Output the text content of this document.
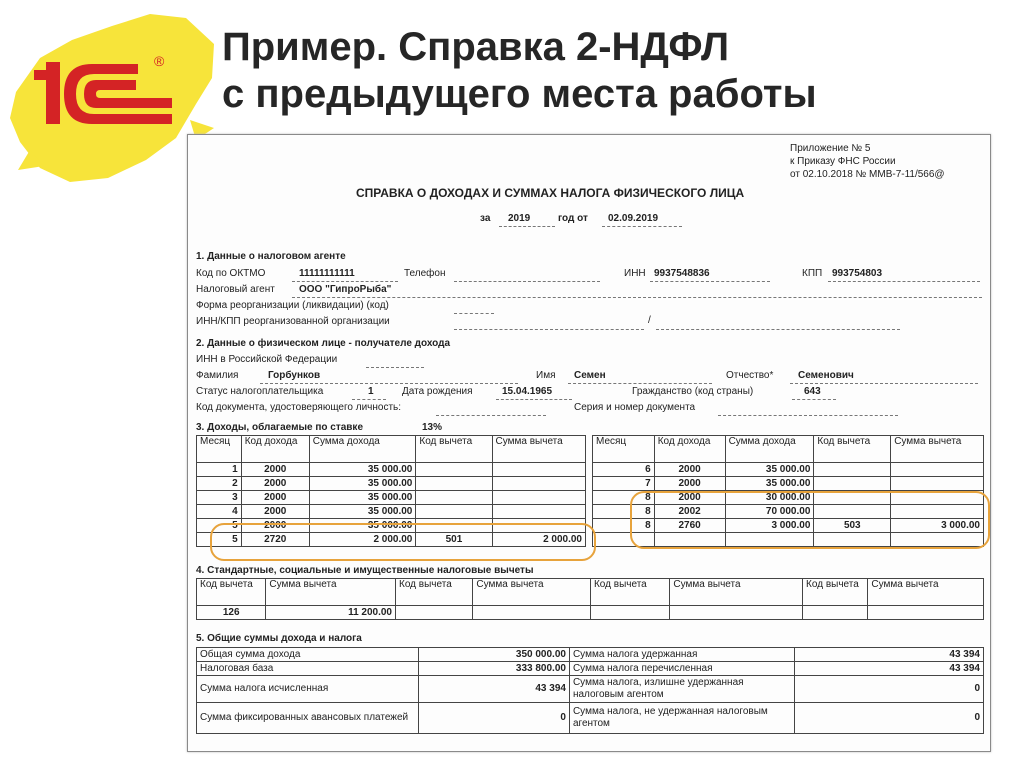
® Пример. Справка 2-НДФЛ
с предыдущего места работы
Приложение № 5
к Приказу ФНС России
от 02.10.2018 № ММВ-7-11/566@
СПРАВКА О ДОХОДАХ И СУММАХ НАЛОГА ФИЗИЧЕСКОГО ЛИЦА
за 2019	год от 02.09.2019
1. Данные о налоговом агенте
Код по ОКТМО	11111111111	Телефон	ИНН 9937548836	КПП 993754803
Налоговый агент ООО "ГипроРыба"
Форма реорганизации (ликвидации) (код)
ИНН/КПП реорганизованной организации	/
2. Данные о физическом лице - получателе дохода
ИНН в Российской Федерации
Фамилия	Горбунков	Имя Семен	Отчество* Семенович
Статус налогоплательщика	1	Дата рождения	15.04.1965	Гражданство (код страны)	643
Код документа, удостоверяющего личность:	Серия и номер документа
3. Доходы, облагаемые по ставке	13%
Месяц	Код дохода	Сумма дохода	Код вычета	Сумма вычета
1	2000	35 000.00		
2	2000	35 000.00		
3	2000	35 000.00		
4	2000	35 000.00		
5	2000	35 000.00		
5	2720	2 000.00	501	2 000.00
Месяц	Код дохода	Сумма дохода	Код вычета	Сумма вычета
6	2000	35 000.00		
7	2000	35 000.00		
8	2000	30 000.00		
8	2002	70 000.00		
8	2760	3 000.00	503	3 000.00

4. Стандартные, социальные и имущественные налоговые вычеты
Код вычета	Сумма вычета	Код вычета	Сумма вычета	Код вычета	Сумма вычета	Код вычета	Сумма вычета
126	11 200.00						
5. Общие суммы дохода и налога
Общая сумма дохода	350 000.00	Сумма налога удержанная	43 394
Налоговая база	333 800.00	Сумма налога перечисленная	43 394
Сумма налога исчисленная	43 394	Сумма налога, излишне удержанная налоговым агентом	0
Сумма фиксированных авансовых платежей	0	Сумма налога, не удержанная налоговым агентом	0
